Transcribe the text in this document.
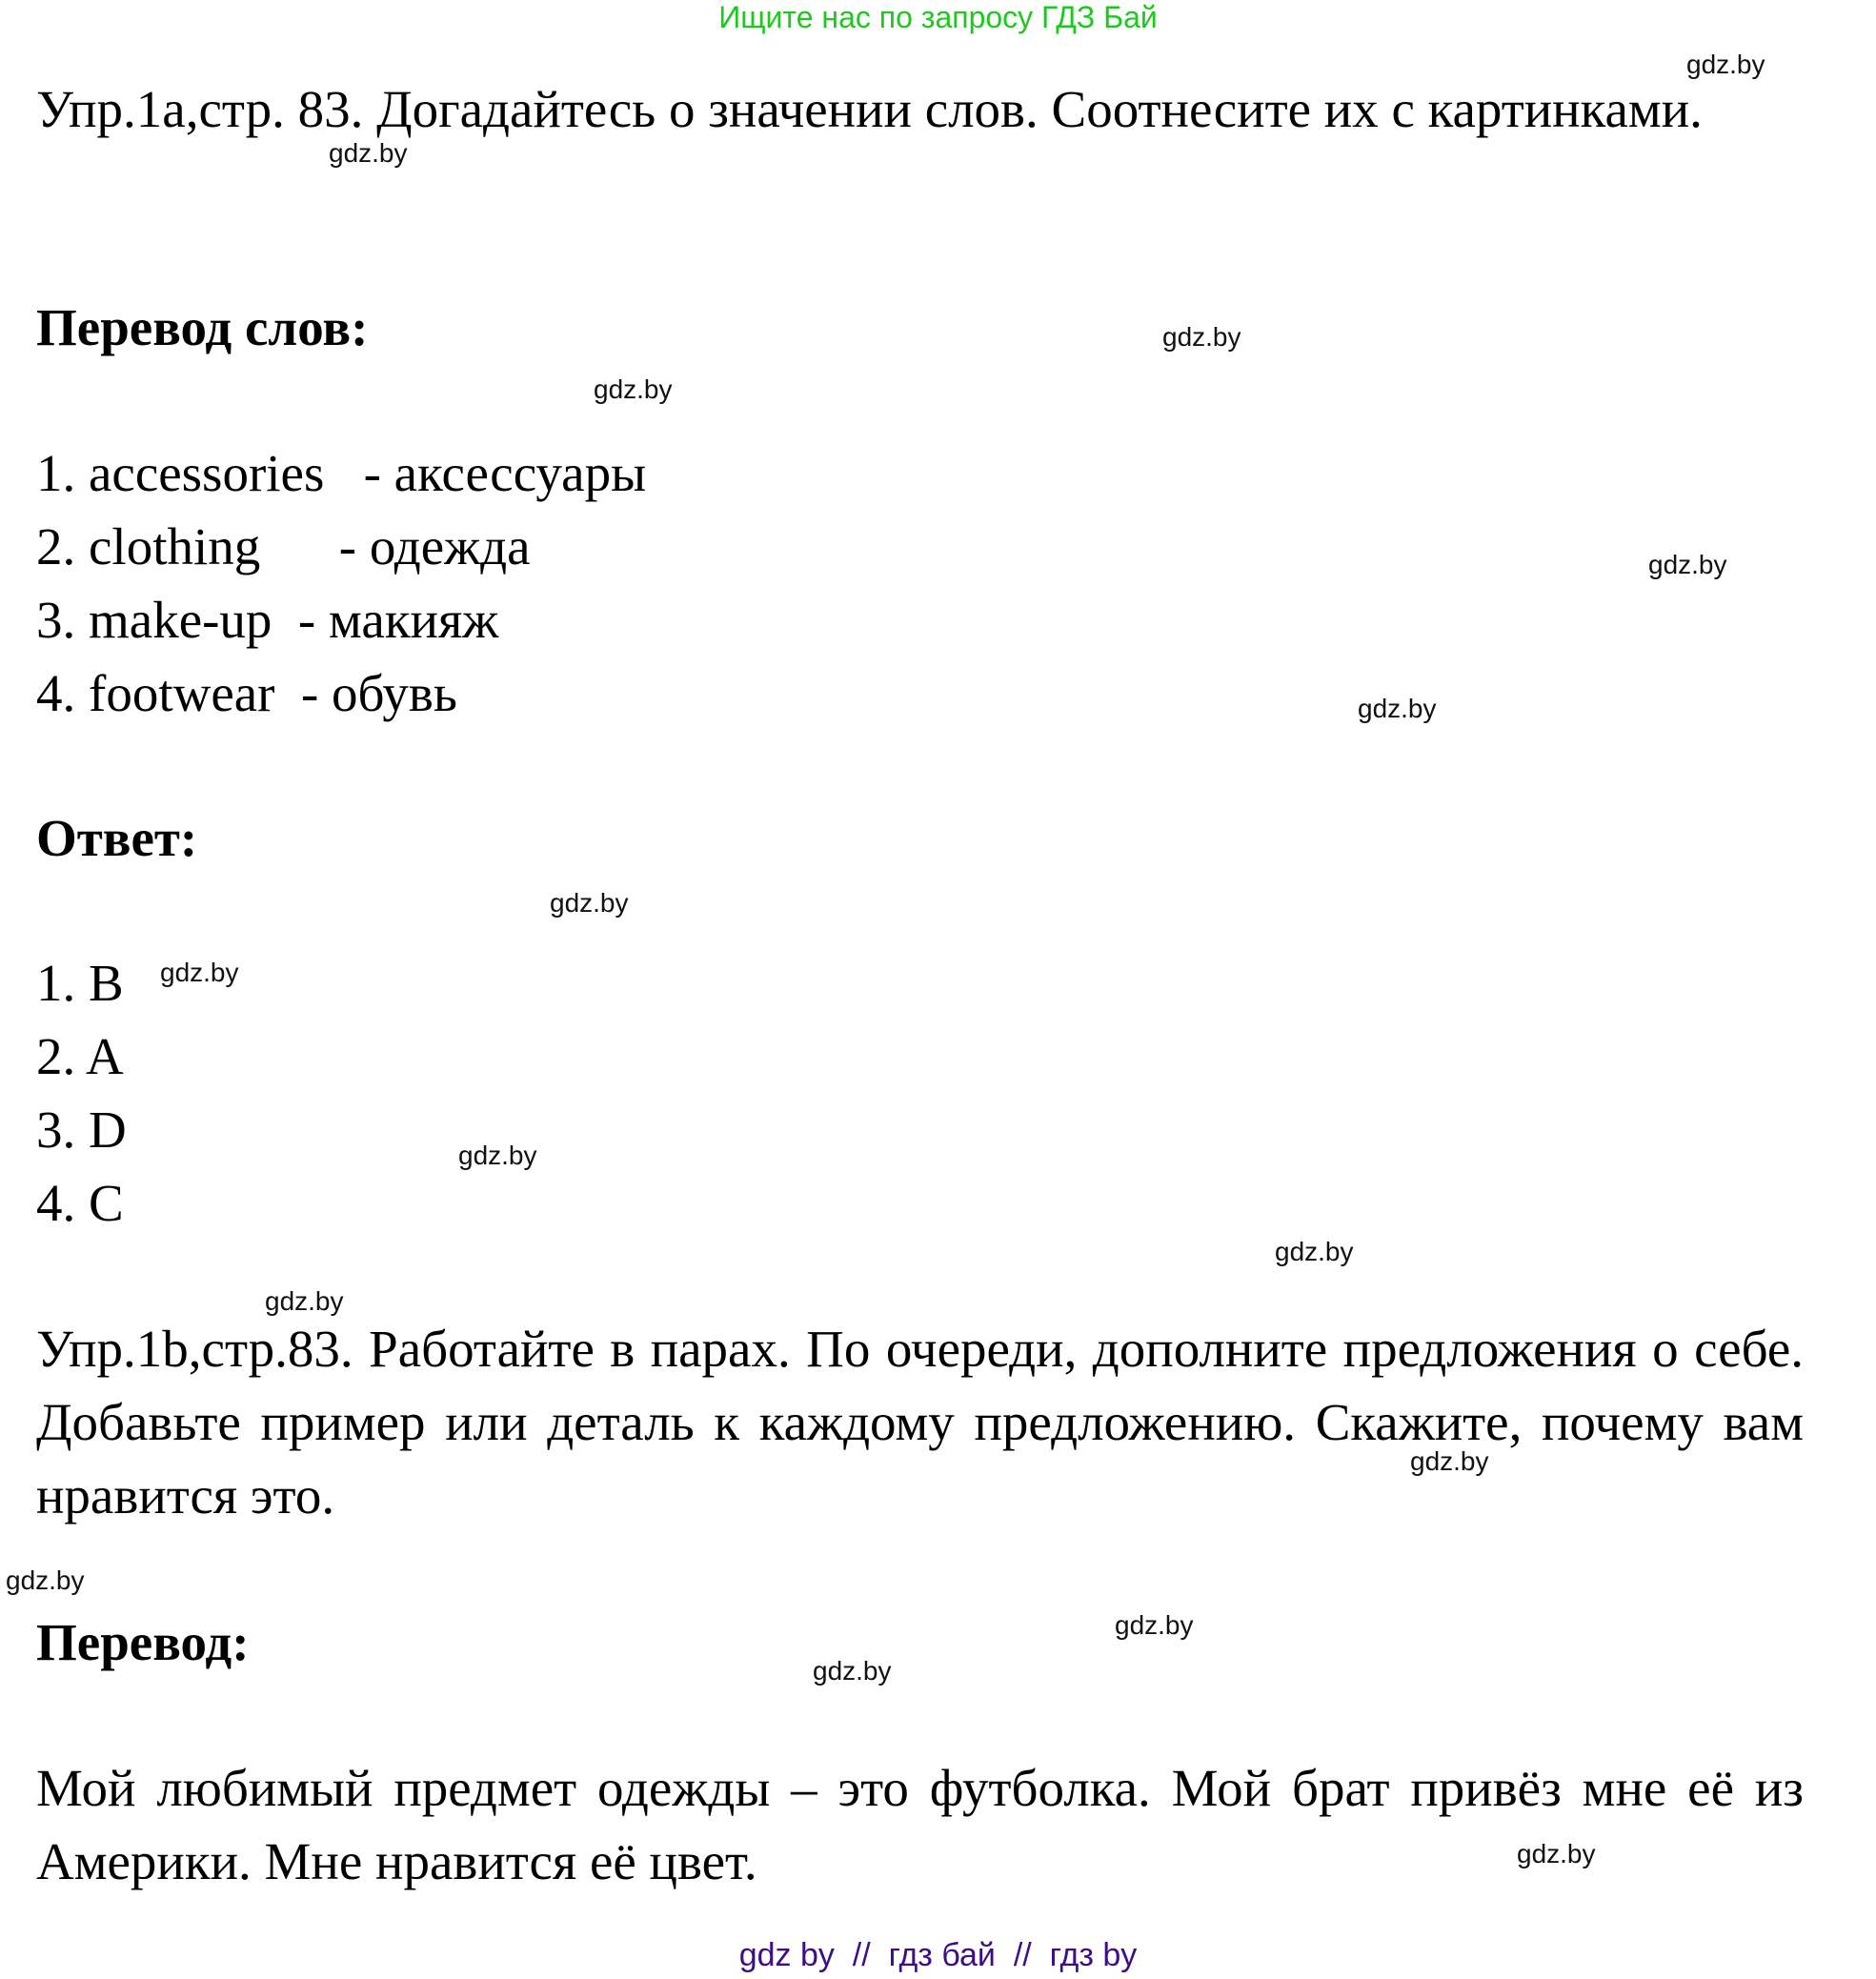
Ищите нас по запросу ГДЗ Бай
Упр.1a,стр. 83. Догадайтесь о значении слов. Соотнесите их с картинками.
Перевод слов:
1. accessories   - аксессуары
2. clothing      - одежда
3. make-up  - макияж
4. footwear  - обувь
Ответ:
1. B
2. A
3. D
4. C
Упр.1b,стр.83. Работайте в парах. По очереди, дополните предложения о себе. Добавьте пример или деталь к каждому предложению. Скажите, почему вам нравится это.
Перевод:
Мой любимый предмет одежды – это футболка. Мой брат привёз мне её из Америки. Мне нравится её цвет.
gdz.by
gdz.by
gdz.by
gdz.by
gdz.by
gdz.by
gdz.by
gdz.by
gdz.by
gdz.by
gdz.by
gdz.by
gdz.by
gdz.by
gdz.by
gdz.by
gdz by  //  гдз бай  //  гдз by
